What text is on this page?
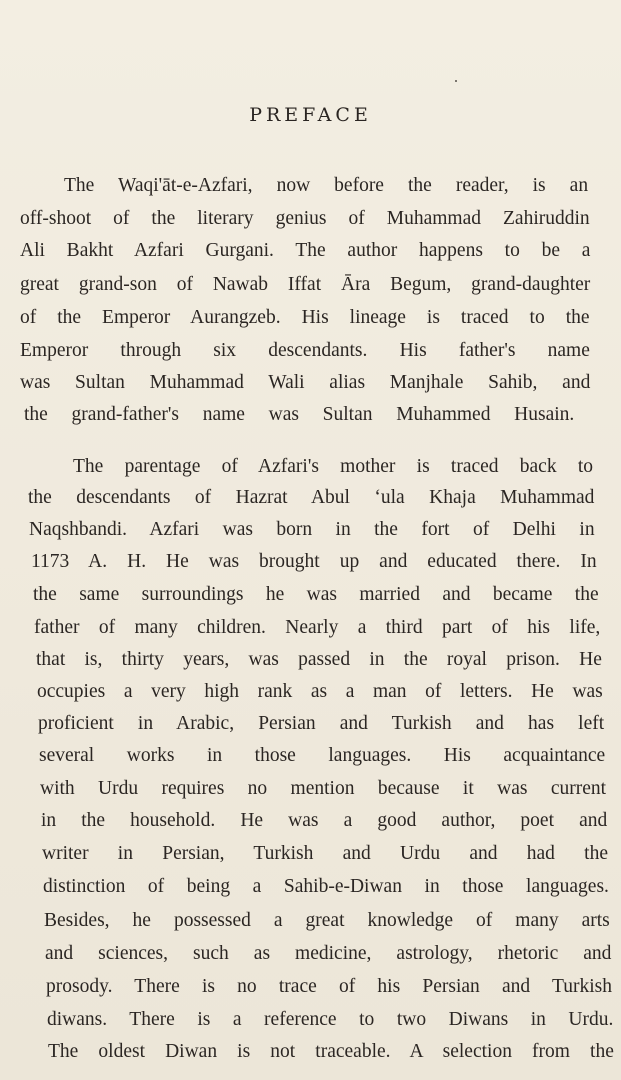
PREFACE
The Waqi'āt-e-Azfari, now before the reader, is an
off-shoot of the literary genius of Muhammad Zahiruddin
Ali Bakht Azfari Gurgani. The author happens to be a
great grand-son of Nawab Iffat Āra Begum, grand-daughter
of the Emperor Aurangzeb. His lineage is traced to the
Emperor through six descendants. His father's name
was Sultan Muhammad Wali alias Manjhale Sahib, and
the grand-father's name was Sultan Muhammed Husain.
The parentage of Azfari's mother is traced back to
the descendants of Hazrat Abul ‘ula Khaja Muhammad
Naqshbandi. Azfari was born in the fort of Delhi in
1173 A. H. He was brought up and educated there. In
the same surroundings he was married and became the
father of many children. Nearly a third part of his life,
that is, thirty years, was passed in the royal prison. He
occupies a very high rank as a man of letters. He was
proficient in Arabic, Persian and Turkish and has left
several works in those languages. His acquaintance
with Urdu requires no mention because it was current
in the household. He was a good author, poet and
writer in Persian, Turkish and Urdu and had the
distinction of being a Sahib-e-Diwan in those languages.
Besides, he possessed a great knowledge of many arts
and sciences, such as medicine, astrology, rhetoric and
prosody. There is no trace of his Persian and Turkish
diwans. There is a reference to two Diwans in Urdu.
The oldest Diwan is not traceable. A selection from the
